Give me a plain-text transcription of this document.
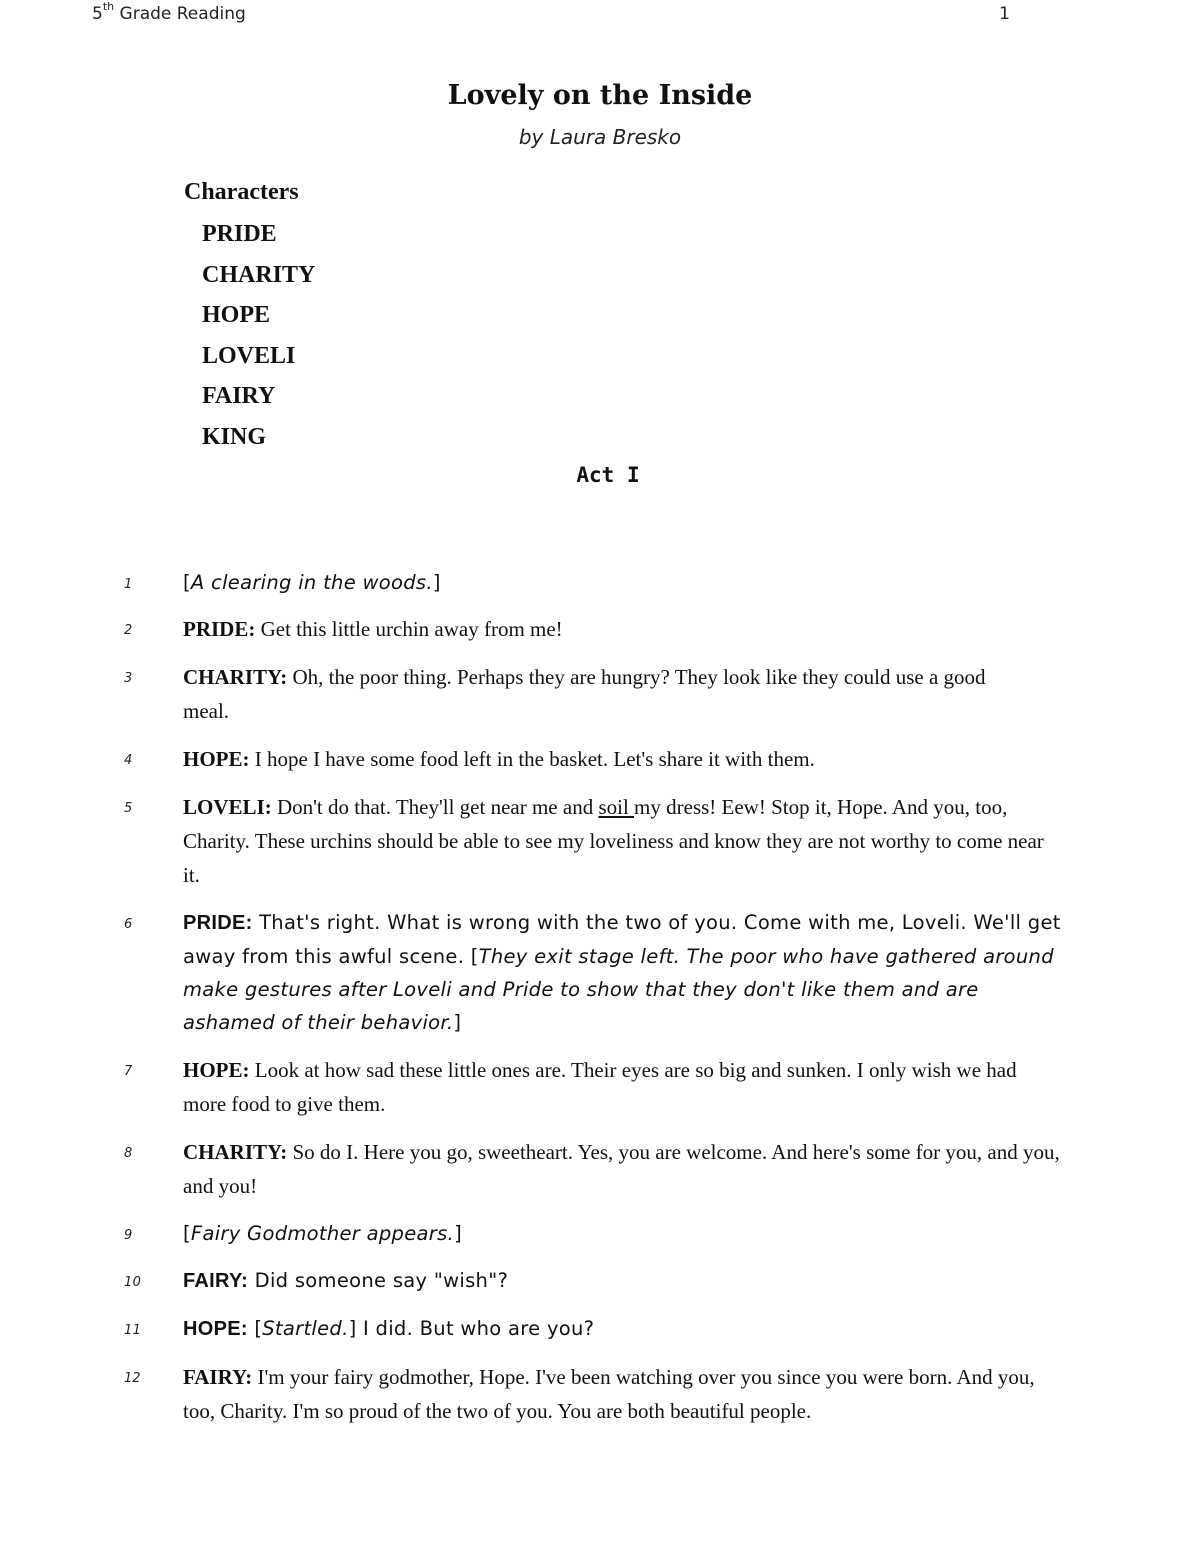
5th Grade Reading	1
Lovely on the Inside
by Laura Bresko
Characters
PRIDE
CHARITY
HOPE
LOVELI
FAIRY
KING
Act I
1	[A clearing in the woods.]
2 PRIDE: Get this little urchin away from me!
3 CHARITY: Oh, the poor thing. Perhaps they are hungry? They look like they could use a good meal.
4 HOPE: I hope I have some food left in the basket. Let's share it with them.
5 LOVELI: Don't do that. They'll get near me and soil my dress! Eew! Stop it, Hope. And you, too, Charity. These urchins should be able to see my loveliness and know they are not worthy to come near it.
6	PRIDE: That's right. What is wrong with the two of you. Come with me, Loveli. We'll get away from this awful scene. [They exit stage left. The poor who have gathered around make gestures after Loveli and Pride to show that they don't like them and are ashamed of their behavior.]
7 HOPE: Look at how sad these little ones are. Their eyes are so big and sunken. I only wish we had more food to give them.
8 CHARITY: So do I. Here you go, sweetheart. Yes, you are welcome. And here's some for you, and you, and you!
9	[Fairy Godmother appears.]
10 FAIRY: Did someone say "wish"?
11 HOPE: [Startled.] I did. But who are you?
12 FAIRY: I'm your fairy godmother, Hope. I've been watching over you since you were born. And you, too, Charity. I'm so proud of the two of you. You are both beautiful people.
